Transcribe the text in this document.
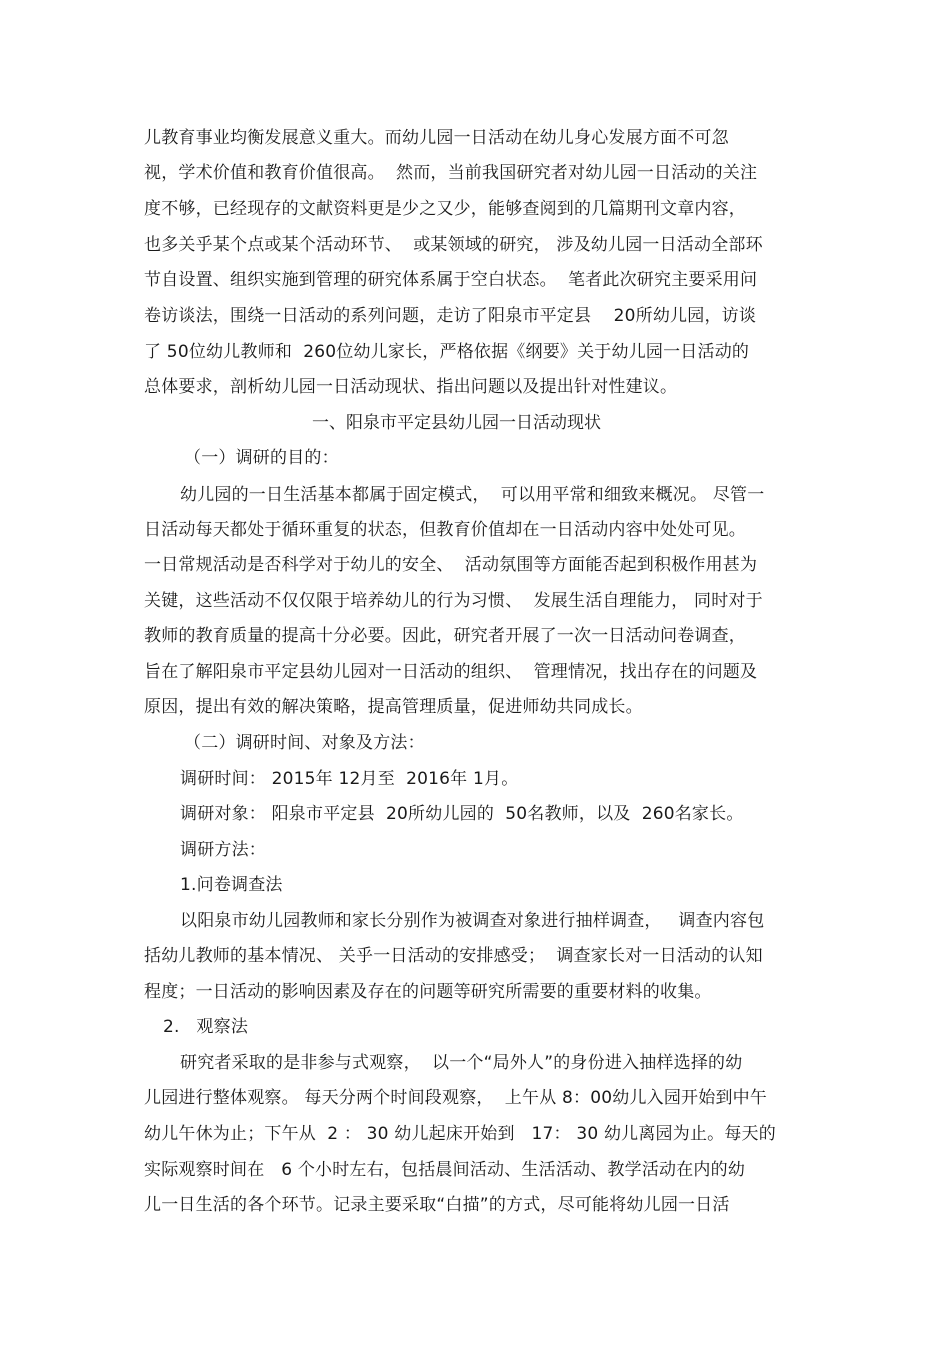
儿教育事业均衡发展意义重大。而幼儿园一日活动在幼儿身心发展方面不可忽
视，学术价值和教育价值很高。  然而，当前我国研究者对幼儿园一日活动的关注
度不够，已经现存的文献资料更是少之又少，能够查阅到的几篇期刊文章内容，
也多关乎某个点或某个活动环节、  或某领域的研究， 涉及幼儿园一日活动全部环
节自设置、组织实施到管理的研究体系属于空白状态。  笔者此次研究主要采用问
卷访谈法，围绕一日活动的系列问题，走访了阳泉市平定县    20所幼儿园，访谈
了 50位幼儿教师和  260位幼儿家长，严格依据《纲要》关于幼儿园一日活动的
总体要求，剖析幼儿园一日活动现状、指出问题以及提出针对性建议。
一、阳泉市平定县幼儿园一日活动现状
（一）调研的目的：
幼儿园的一日生活基本都属于固定模式，  可以用平常和细致来概况。 尽管一
日活动每天都处于循环重复的状态，但教育价值却在一日活动内容中处处可见。
一日常规活动是否科学对于幼儿的安全、  活动氛围等方面能否起到积极作用甚为
关键，这些活动不仅仅限于培养幼儿的行为习惯、  发展生活自理能力， 同时对于
教师的教育质量的提高十分必要。因此，研究者开展了一次一日活动问卷调查，
旨在了解阳泉市平定县幼儿园对一日活动的组织、  管理情况，找出存在的问题及
原因，提出有效的解决策略，提高管理质量，促进师幼共同成长。
（二）调研时间、对象及方法：
调研时间： 2015年 12月至  2016年 1月。
调研对象： 阳泉市平定县  20所幼儿园的  50名教师，以及  260名家长。
调研方法：
1.问卷调查法
以阳泉市幼儿园教师和家长分别作为被调查对象进行抽样调查，   调查内容包
括幼儿教师的基本情况、 关乎一日活动的安排感受；  调查家长对一日活动的认知
程度；一日活动的影响因素及存在的问题等研究所需要的重要材料的收集。
2.   观察法
研究者采取的是非参与式观察，  以一个“局外人”的身份进入抽样选择的幼
儿园进行整体观察。 每天分两个时间段观察，  上午从 8：00幼儿入园开始到中午
幼儿午休为止；下午从  2 ： 30 幼儿起床开始到   17： 30 幼儿离园为止。每天的
实际观察时间在   6 个小时左右，包括晨间活动、生活活动、教学活动在内的幼
儿一日生活的各个环节。记录主要采取“白描”的方式，尽可能将幼儿园一日活
